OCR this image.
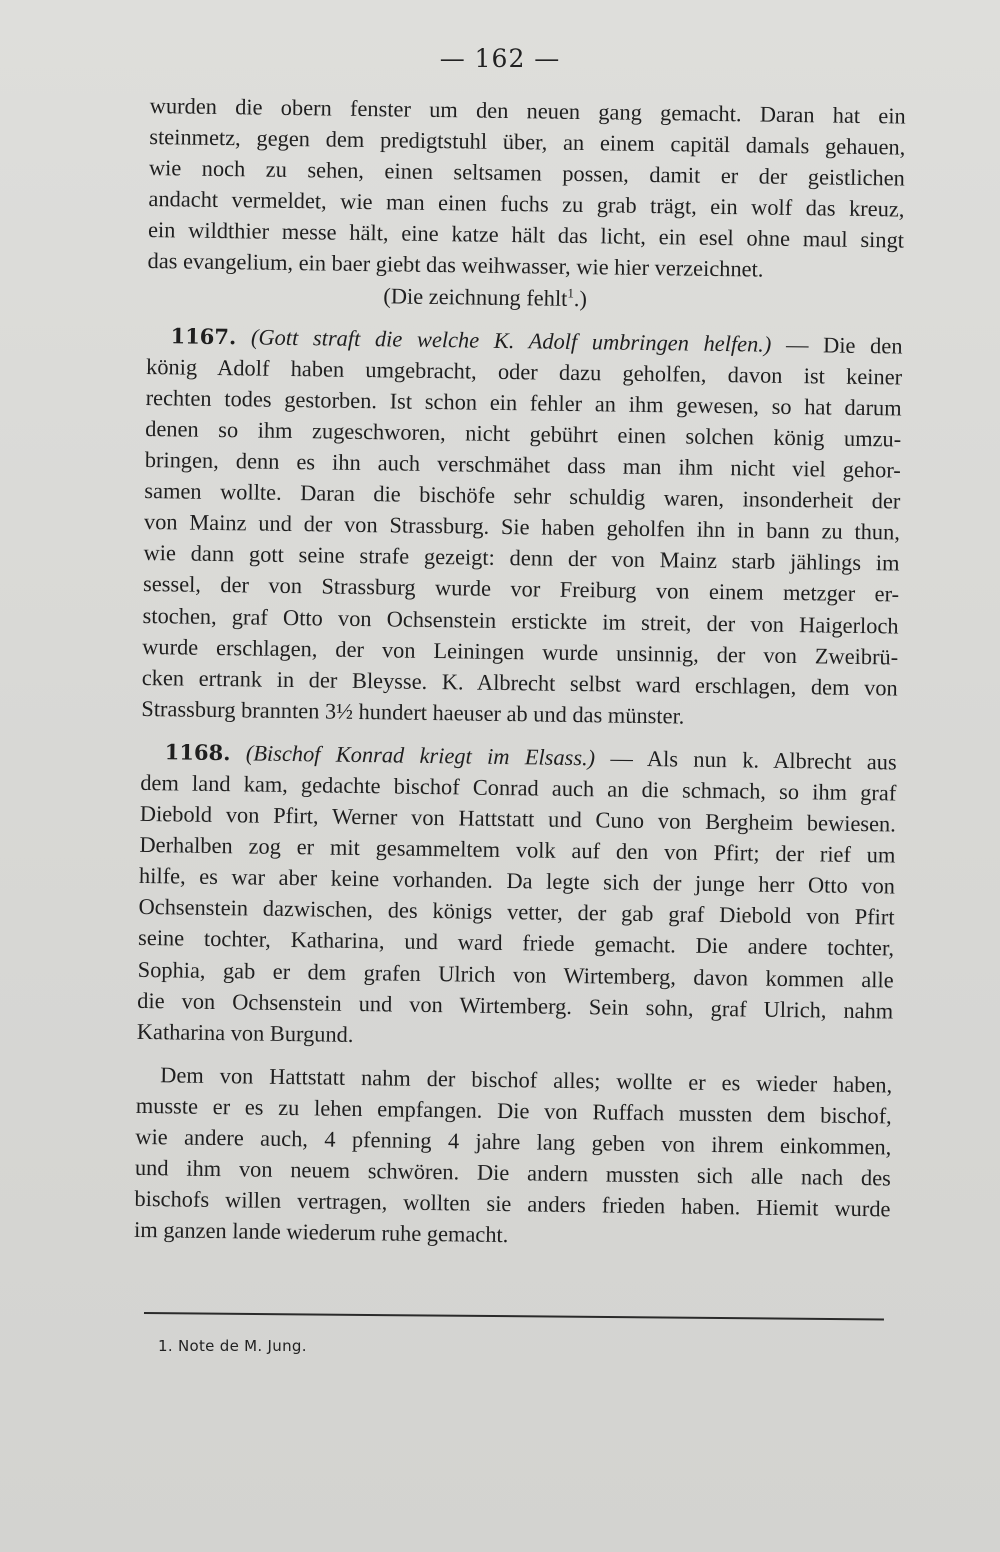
— 162 —
wurden die obern fenster um den neuen gang gemacht. Daran hat ein
steinmetz, gegen dem predigtstuhl über, an einem capitäl damals gehauen,
wie noch zu sehen, einen seltsamen possen, damit er der geistlichen
andacht vermeldet, wie man einen fuchs zu grab trägt, ein wolf das kreuz,
ein wildthier messe hält, eine katze hält das licht, ein esel ohne maul singt
das evangelium, ein baer giebt das weihwasser, wie hier verzeichnet.
(Die zeichnung fehlt$^1$.)
1167. (Gott straft die welche K. Adolf umbringen helfen.) — Die den
könig Adolf haben umgebracht, oder dazu geholfen, davon ist keiner
rechten todes gestorben. Ist schon ein fehler an ihm gewesen, so hat darum
denen so ihm zugeschworen, nicht gebührt einen solchen könig umzu-
bringen, denn es ihn auch verschmähet dass man ihm nicht viel gehor-
samen wollte. Daran die bischöfe sehr schuldig waren, insonderheit der
von Mainz und der von Strassburg. Sie haben geholfen ihn in bann zu thun,
wie dann gott seine strafe gezeigt: denn der von Mainz starb jählings im
sessel, der von Strassburg wurde vor Freiburg von einem metzger er-
stochen, graf Otto von Ochsenstein erstickte im streit, der von Haigerloch
wurde erschlagen, der von Leiningen wurde unsinnig, der von Zweibrü-
cken ertrank in der Bleysse. K. Albrecht selbst ward erschlagen, dem von
Strassburg brannten 3½ hundert haeuser ab und das münster.
1168. (Bischof Konrad kriegt im Elsass.) — Als nun k. Albrecht aus
dem land kam, gedachte bischof Conrad auch an die schmach, so ihm graf
Diebold von Pfirt, Werner von Hattstatt und Cuno von Bergheim bewiesen.
Derhalben zog er mit gesammeltem volk auf den von Pfirt; der rief um
hilfe, es war aber keine vorhanden. Da legte sich der junge herr Otto von
Ochsenstein dazwischen, des königs vetter, der gab graf Diebold von Pfirt
seine tochter, Katharina, und ward friede gemacht. Die andere tochter,
Sophia, gab er dem grafen Ulrich von Wirtemberg, davon kommen alle
die von Ochsenstein und von Wirtemberg. Sein sohn, graf Ulrich, nahm
Katharina von Burgund.
Dem von Hattstatt nahm der bischof alles; wollte er es wieder haben,
musste er es zu lehen empfangen. Die von Ruffach mussten dem bischof,
wie andere auch, 4 pfenning 4 jahre lang geben von ihrem einkommen,
und ihm von neuem schwören. Die andern mussten sich alle nach des
bischofs willen vertragen, wollten sie anders frieden haben. Hiemit wurde
im ganzen lande wiederum ruhe gemacht.
1. Note de M. Jung.
